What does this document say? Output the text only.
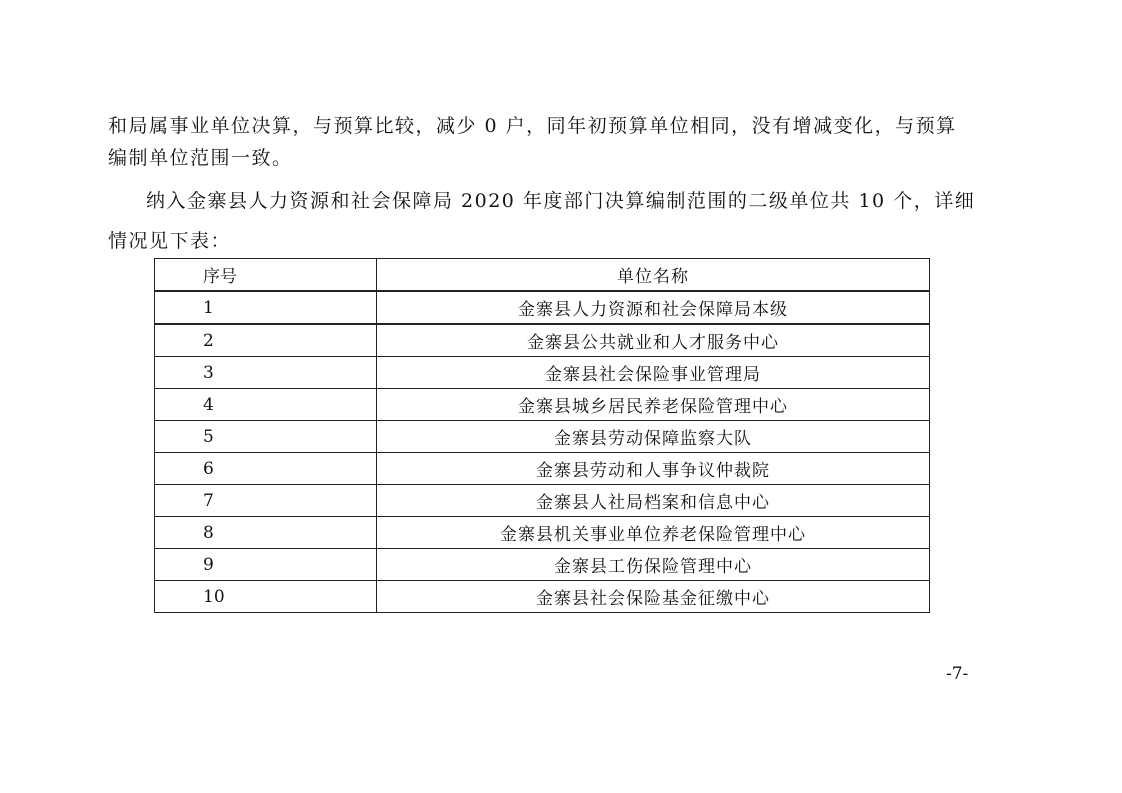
和局属事业单位决算，与预算比较，减少 0 户，同年初预算单位相同，没有增减变化，与预算

编制单位范围一致。

纳入金寨县人力资源和社会保障局 2020 年度部门决算编制范围的二级单位共 10 个，详细

情况见下表：

序号	单位名称
1	金寨县人力资源和社会保障局本级
2	金寨县公共就业和人才服务中心
3	金寨县社会保险事业管理局
4	金寨县城乡居民养老保险管理中心
5	金寨县劳动保障监察大队
6	金寨县劳动和人事争议仲裁院
7	金寨县人社局档案和信息中心
8	金寨县机关事业单位养老保险管理中心
9	金寨县工伤保险管理中心
10	金寨县社会保险基金征缴中心
-7-
